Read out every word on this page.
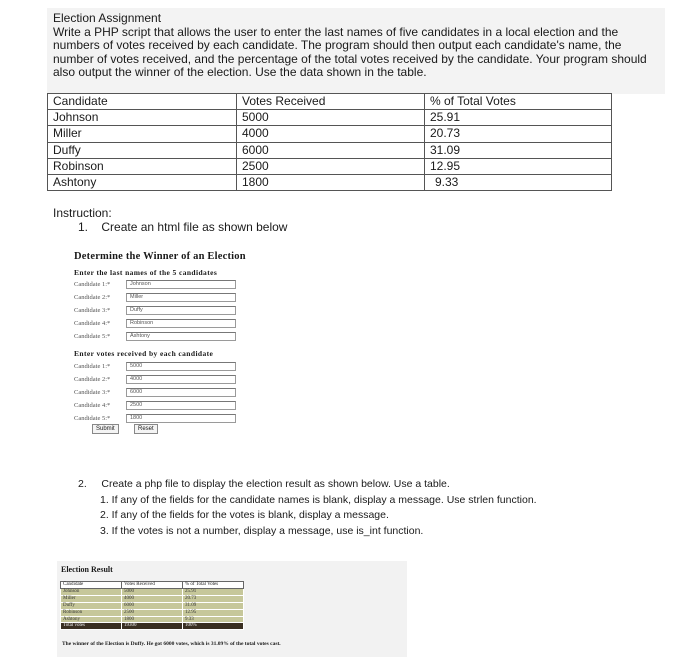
Election Assignment
Write a PHP script that allows the user to enter the last names of five candidates in a local election and the numbers of votes received by each candidate. The program should then output each candidate's name, the number of votes received, and the percentage of the total votes received by the candidate. Your program should also output the winner of the election. Use the data shown in the table.
Candidate	Votes Received	% of Total Votes
Johnson	5000	25.91
Miller	4000	20.73
Duffy	6000	31.09
Robinson	2500	12.95
Ashtony	1800	9.33
Instruction:
1. Create an html file as shown below
Determine the Winner of an Election
Enter the last names of the 5 candidates
Candidate 1:*	Johnson
Candidate 2:*	Miller
Candidate 3:*	Duffy
Candidate 4:*	Robinson
Candidate 5:*	Ashtony
Enter votes received by each candidate
Candidate 1:*	5000
Candidate 2:*	4000
Candidate 3:*	6000
Candidate 4:*	2500
Candidate 5:*	1800
Submit	Reset
2. Create a php file to display the election result as shown below. Use a table.
1. If any of the fields for the candidate names is blank, display a message. Use strlen function.
2. If any of the fields for the votes is blank, display a message.
3. If the votes is not a number, display a message, use is_int function.
Election Result
Candidate	Votes Received	% of Total Votes
Johnson	5000	25.91
Miller	4000	20.73
Duffy	6000	31.09
Robinson	2500	12.95
Ashtony	1800	9.33
Total votes	19300	100%
The winner of the Election is Duffy. He got 6000 votes, which is 31.09% of the total votes cast.
